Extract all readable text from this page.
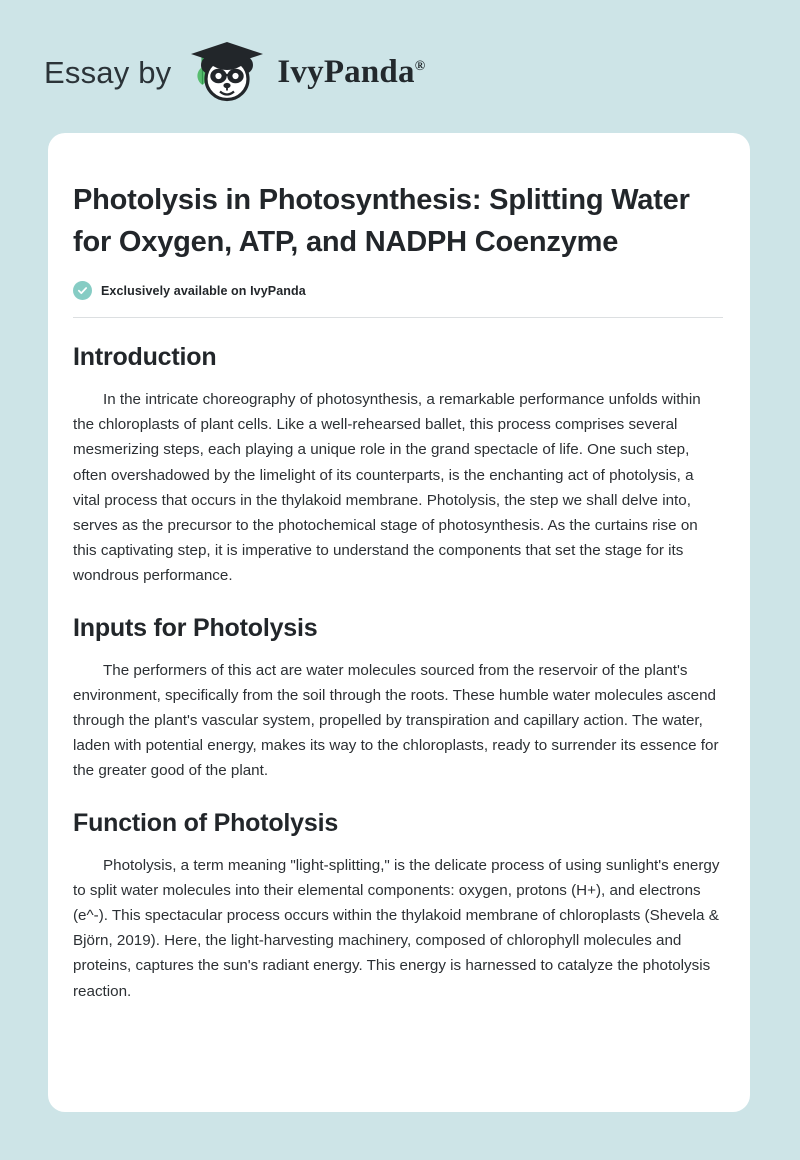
Essay by	IvyPanda®
Photolysis in Photosynthesis: Splitting Water for Oxygen, ATP, and NADPH Coenzyme
Exclusively available on IvyPanda
Introduction

In the intricate choreography of photosynthesis, a remarkable performance unfolds within the chloroplasts of plant cells. Like a well-rehearsed ballet, this process comprises several mesmerizing steps, each playing a unique role in the grand spectacle of life. One such step, often overshadowed by the limelight of its counterparts, is the enchanting act of photolysis, a vital process that occurs in the thylakoid membrane. Photolysis, the step we shall delve into, serves as the precursor to the photochemical stage of photosynthesis. As the curtains rise on this captivating step, it is imperative to understand the components that set the stage for its wondrous performance.

Inputs for Photolysis

The performers of this act are water molecules sourced from the reservoir of the plant's environment, specifically from the soil through the roots. These humble water molecules ascend through the plant's vascular system, propelled by transpiration and capillary action. The water, laden with potential energy, makes its way to the chloroplasts, ready to surrender its essence for the greater good of the plant.

Function of Photolysis

Photolysis, a term meaning "light-splitting," is the delicate process of using sunlight's energy to split water molecules into their elemental components: oxygen, protons (H+), and electrons (e^-). This spectacular process occurs within the thylakoid membrane of chloroplasts (Shevela & Björn, 2019). Here, the light-harvesting machinery, composed of chlorophyll molecules and proteins, captures the sun's radiant energy. This energy is harnessed to catalyze the photolysis reaction.
